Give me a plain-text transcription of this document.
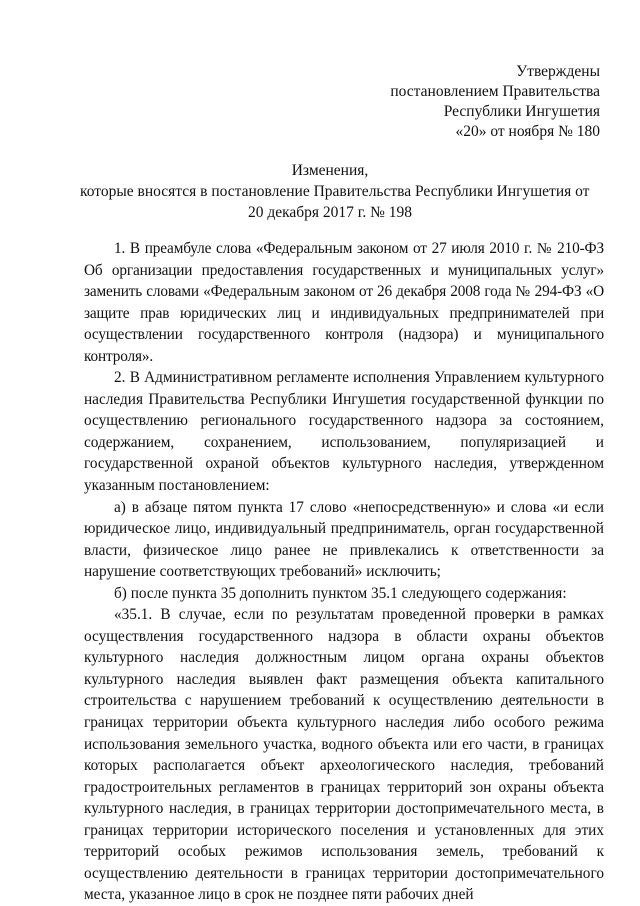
Утверждены
постановлением Правительства
Республики Ингушетия
«20» от ноября № 180
Изменения,
которые вносятся в постановление Правительства Республики Ингушетия от
20 декабря 2017 г. № 198

1. В преамбуле слова «Федеральным законом от 27 июля 2010 г. № 210-ФЗ Об организации предоставления государственных и муниципальных услуг» заменить словами «Федеральным законом от 26 декабря 2008 года № 294-ФЗ «О защите прав юридических лиц и индивидуальных предпринимателей при осуществлении государственного контроля (надзора) и муниципального контроля».

2. В Административном регламенте исполнения Управлением культурного наследия Правительства Республики Ингушетия государственной функции по осуществлению регионального государственного надзора за состоянием, содержанием, сохранением, использованием, популяризацией и государственной охраной объектов культурного наследия, утвержденном указанным постановлением:

а) в абзаце пятом пункта 17 слово «непосредственную» и слова «и если юридическое лицо, индивидуальный предприниматель, орган государственной власти, физическое лицо ранее не привлекались к ответственности за нарушение соответствующих требований» исключить;

б) после пункта 35 дополнить пунктом 35.1 следующего содержания:

«35.1. В случае, если по результатам проведенной проверки в рамках осуществления государственного надзора в области охраны объектов культурного наследия должностным лицом органа охраны объектов культурного наследия выявлен факт размещения объекта капитального строительства с нарушением требований к осуществлению деятельности в границах территории объекта культурного наследия либо особого режима использования земельного участка, водного объекта или его части, в границах которых располагается объект археологического наследия, требований градостроительных регламентов в границах территорий зон охраны объекта культурного наследия, в границах территории достопримечательного места, в границах территории исторического поселения и установленных для этих территорий особых режимов использования земель, требований к осуществлению деятельности в границах территории достопримечательного места, указанное лицо в срок не позднее пяти рабочих дней
